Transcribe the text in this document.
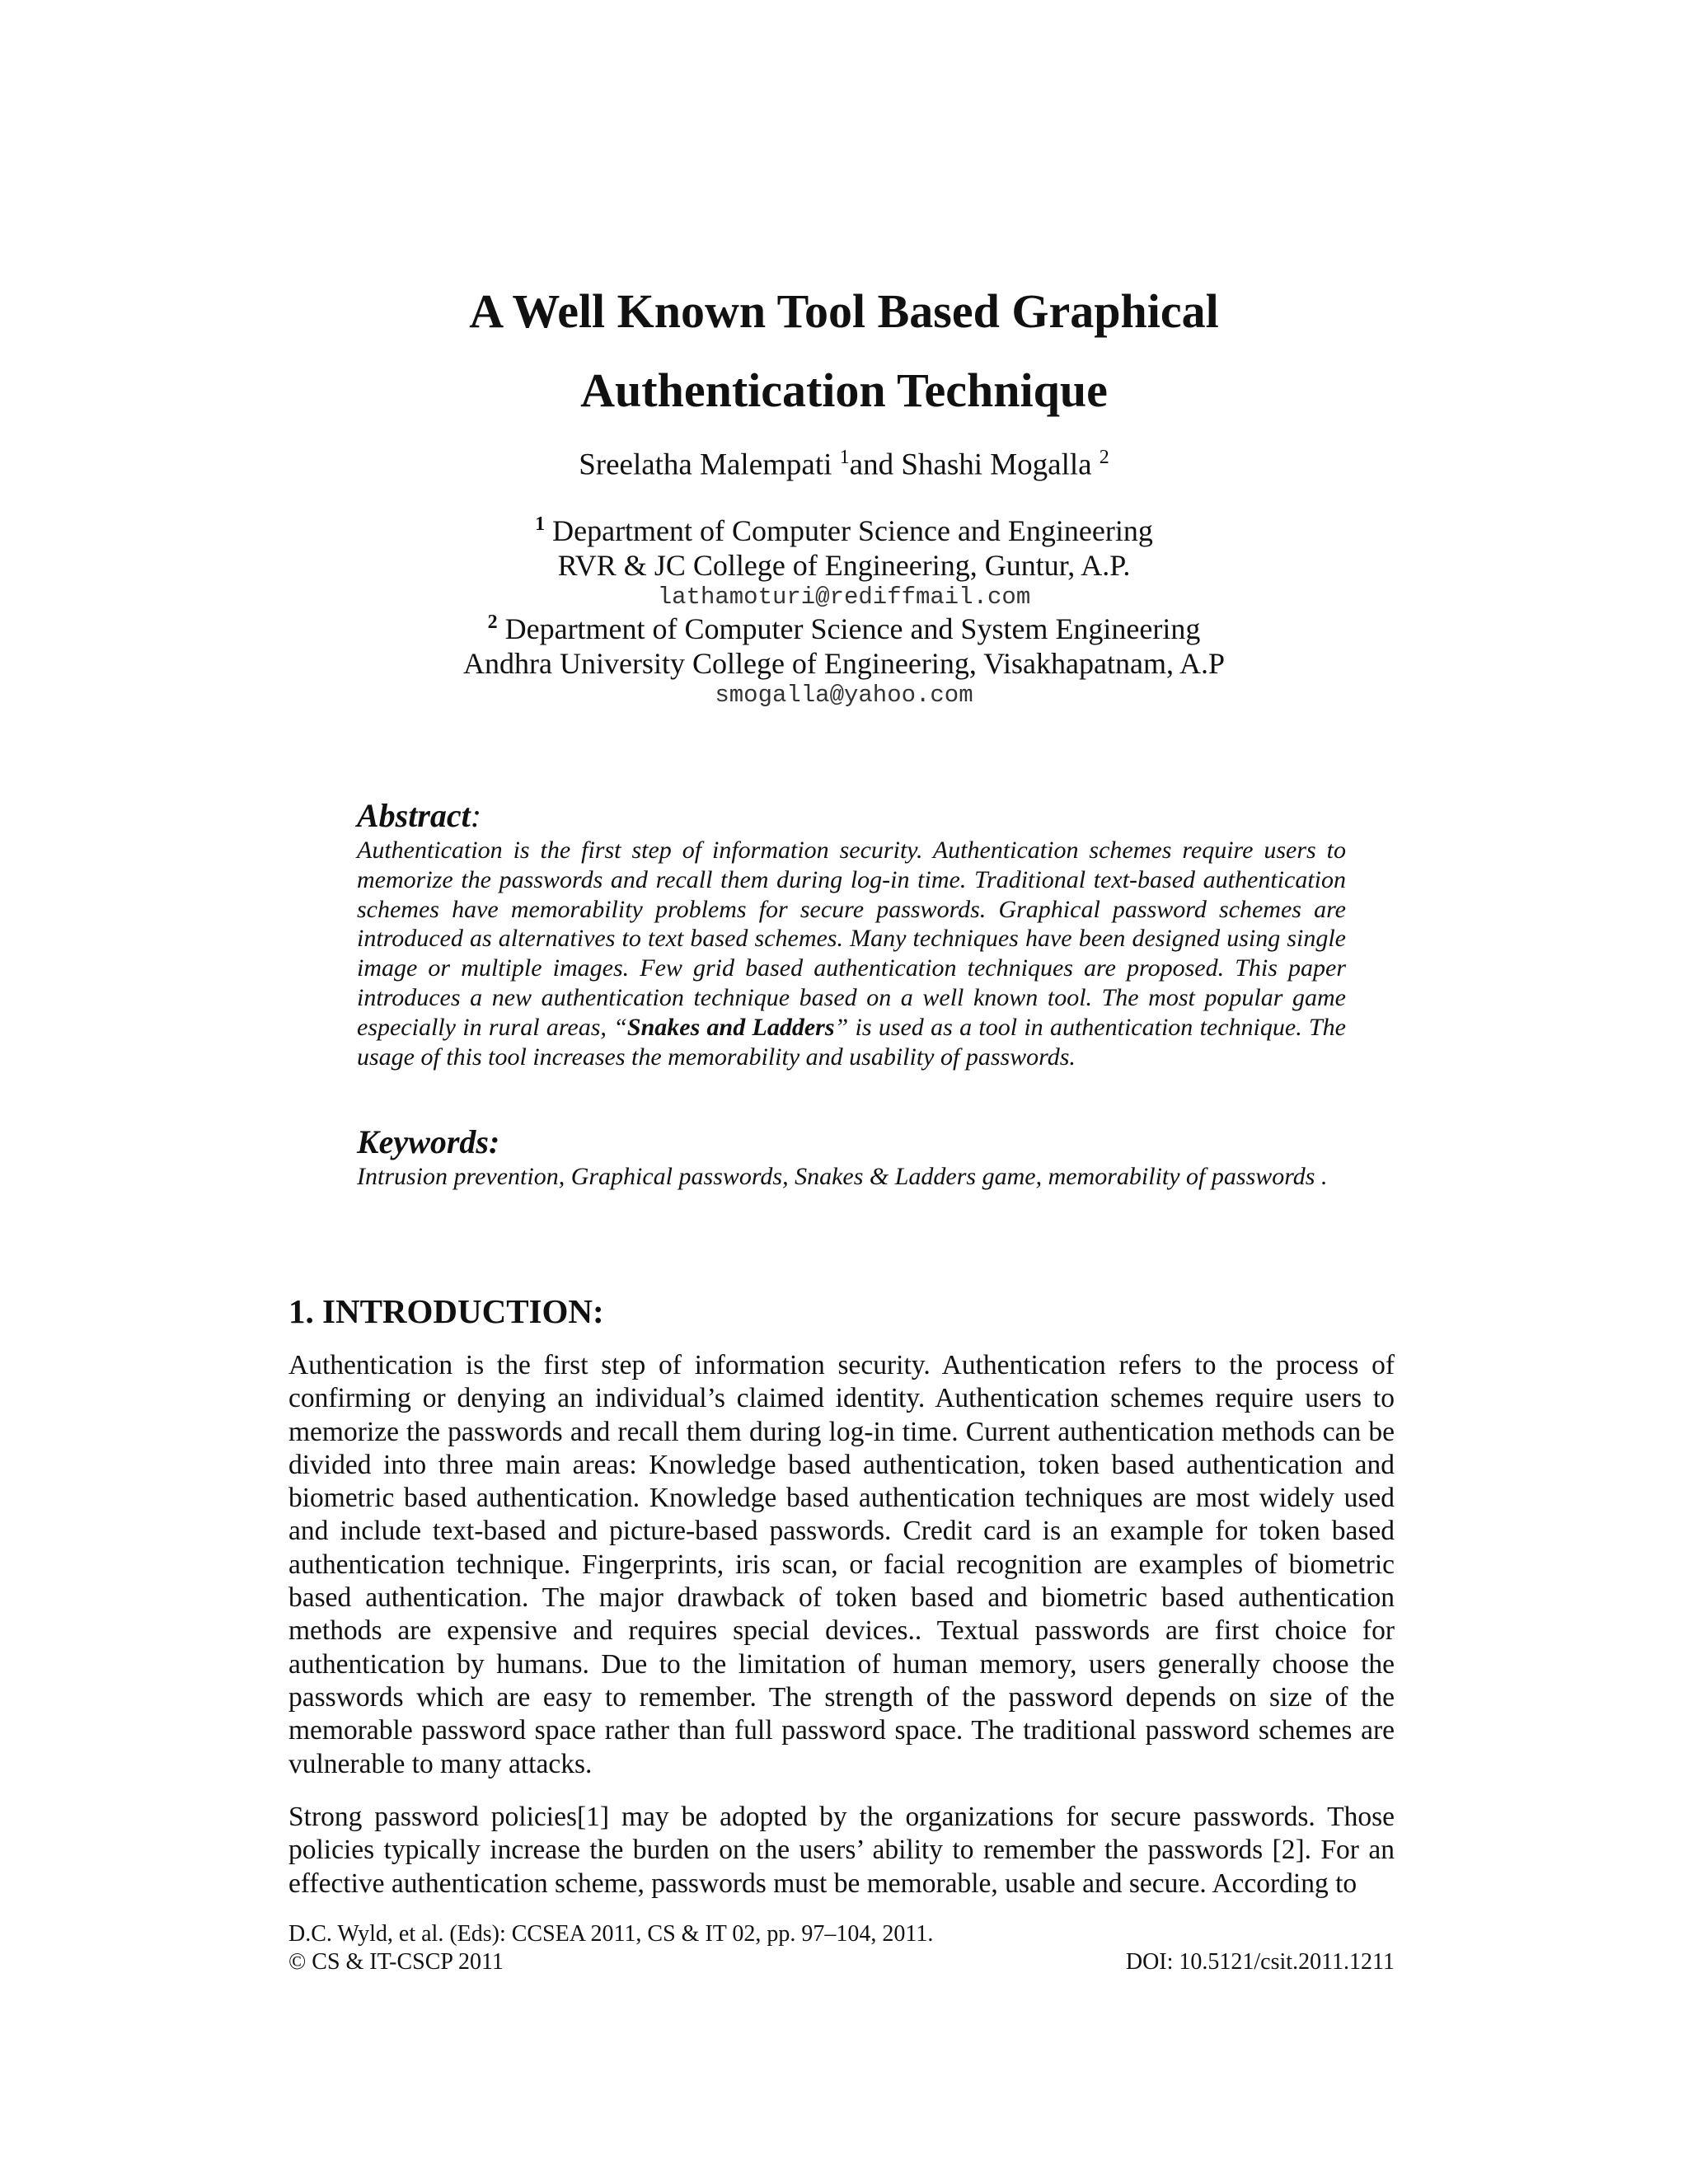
A Well Known Tool Based Graphical
Authentication Technique
Sreelatha Malempati $^1$and Shashi Mogalla $^2$
$^1$ Department of Computer Science and Engineering
RVR & JC College of Engineering, Guntur, A.P.
lathamoturi@rediffmail.com
$^2$ Department of Computer Science and System Engineering
Andhra University College of Engineering, Visakhapatnam, A.P
smogalla@yahoo.com
Abstract:
Authentication is the first step of information security. Authentication schemes require users to memorize the passwords and recall them during log-in time. Traditional text-based authentication schemes have memorability problems for secure passwords. Graphical password schemes are introduced as alternatives to text based schemes. Many techniques have been designed using single image or multiple images. Few grid based authentication techniques are proposed. This paper introduces a new authentication technique based on a well known tool. The most popular game especially in rural areas, “Snakes and Ladders” is used as a tool in authentication technique. The usage of this tool increases the memorability and usability of passwords.
Keywords:
Intrusion prevention, Graphical passwords, Snakes & Ladders game, memorability of passwords .
1. INTRODUCTION:
Authentication is the first step of information security. Authentication refers to the process of confirming or denying an individual’s claimed identity. Authentication schemes require users to memorize the passwords and recall them during log-in time. Current authentication methods can be divided into three main areas: Knowledge based authentication, token based authentication and biometric based authentication. Knowledge based authentication techniques are most widely used and include text-based and picture-based passwords. Credit card is an example for token based authentication technique. Fingerprints, iris scan, or facial recognition are examples of biometric based authentication. The major drawback of token based and biometric based authentication methods are expensive and requires special devices.. Textual passwords are first choice for authentication by humans. Due to the limitation of human memory, users generally choose the passwords which are easy to remember. The strength of the password depends on size of the memorable password space rather than full password space. The traditional password schemes are vulnerable to many attacks.
Strong password policies[1] may be adopted by the organizations for secure passwords. Those policies typically increase the burden on the users’ ability to remember the passwords [2]. For an effective authentication scheme, passwords must be memorable, usable and secure. According to
D.C. Wyld, et al. (Eds): CCSEA 2011, CS & IT 02, pp. 97–104, 2011.
© CS & IT-CSCP 2011	DOI: 10.5121/csit.2011.1211
